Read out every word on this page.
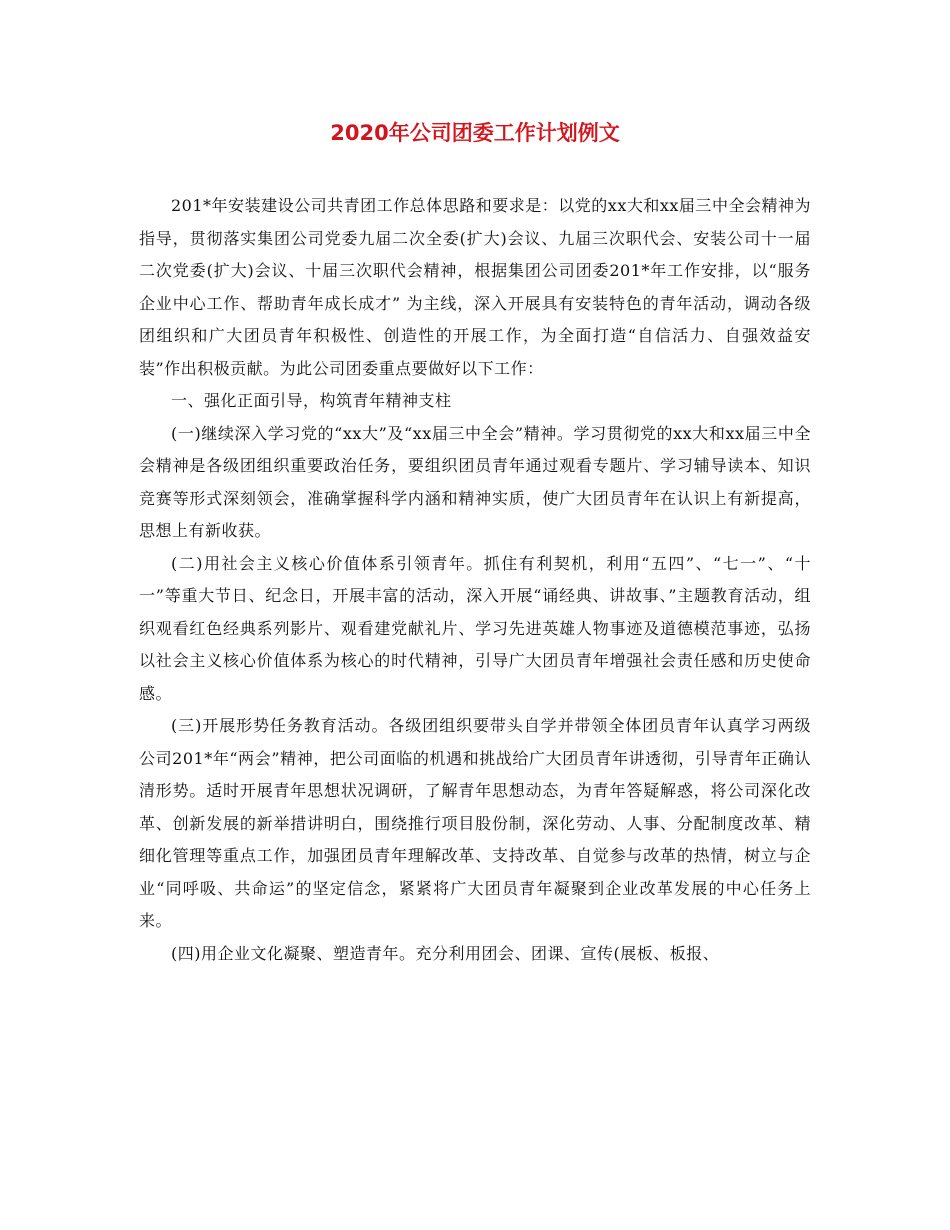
2020年公司团委工作计划例文

201*年安装建设公司共青团工作总体思路和要求是：以党的xx大和xx届三中全会精神为指导，贯彻落实集团公司党委九届二次全委(扩大)会议、九届三次职代会、安装公司十一届二次党委(扩大)会议、十届三次职代会精神，根据集团公司团委201*年工作安排，以“服务企业中心工作、帮助青年成长成才” 为主线，深入开展具有安装特色的青年活动，调动各级团组织和广大团员青年积极性、创造性的开展工作，为全面打造“自信活力、自强效益安装”作出积极贡献。为此公司团委重点要做好以下工作：

一、强化正面引导，构筑青年精神支柱

(一)继续深入学习党的“xx大”及“xx届三中全会”精神。学习贯彻党的xx大和xx届三中全会精神是各级团组织重要政治任务，要组织团员青年通过观看专题片、学习辅导读本、知识竞赛等形式深刻领会，准确掌握科学内涵和精神实质，使广大团员青年在认识上有新提高，思想上有新收获。

(二)用社会主义核心价值体系引领青年。抓住有利契机，利用“五四”、“七一”、“十一”等重大节日、纪念日，开展丰富的活动，深入开展“诵经典、讲故事、”主题教育活动，组织观看红色经典系列影片、观看建党献礼片、学习先进英雄人物事迹及道德模范事迹，弘扬以社会主义核心价值体系为核心的时代精神，引导广大团员青年增强社会责任感和历史使命感。

(三)开展形势任务教育活动。各级团组织要带头自学并带领全体团员青年认真学习两级公司201*年“两会”精神，把公司面临的机遇和挑战给广大团员青年讲透彻，引导青年正确认清形势。适时开展青年思想状况调研，了解青年思想动态，为青年答疑解惑，将公司深化改革、创新发展的新举措讲明白，围绕推行项目股份制，深化劳动、人事、分配制度改革、精细化管理等重点工作，加强团员青年理解改革、支持改革、自觉参与改革的热情，树立与企业“同呼吸、共命运”的坚定信念，紧紧将广大团员青年凝聚到企业改革发展的中心任务上来。

(四)用企业文化凝聚、塑造青年。充分利用团会、团课、宣传(展板、板报、
